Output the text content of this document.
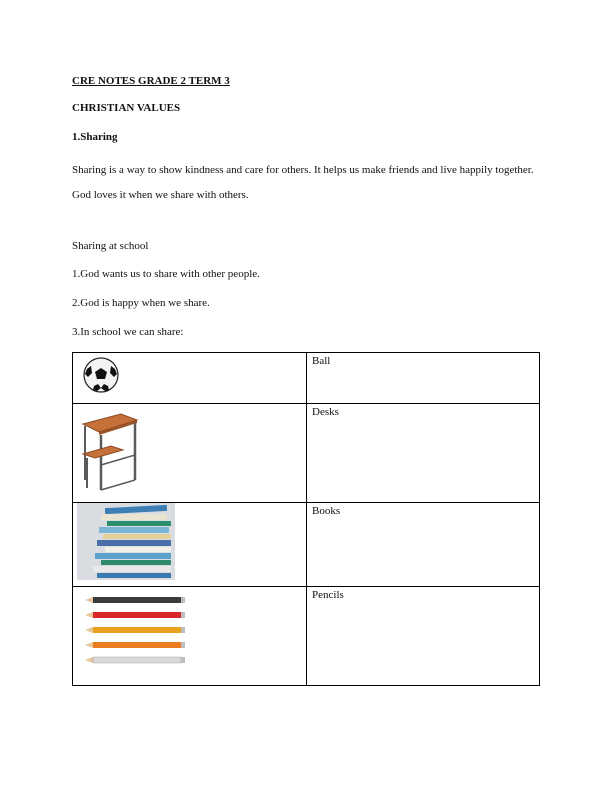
CRE NOTES GRADE 2 TERM 3
CHRISTIAN VALUES
1.Sharing
Sharing is a way to show kindness and care for others. It helps us make friends and live happily together. God loves it when we share with others.
Sharing at school
1.God wants us to share with other people.
2.God is happy when we share.
3.In school we can share:
	Ball

	Desks

	Books

	Pencils
